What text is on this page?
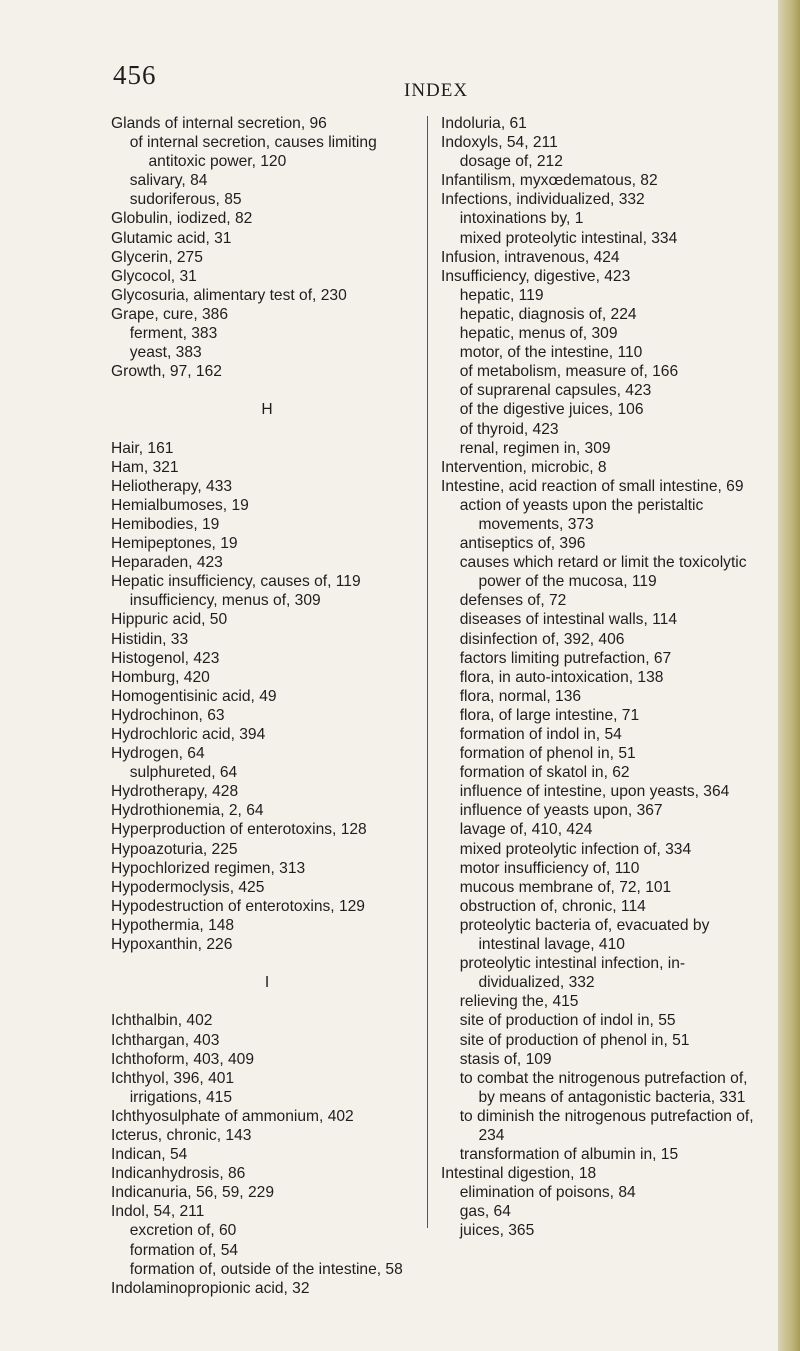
456
INDEX
Glands of internal secretion, 96
of internal secretion, causes limiting antitoxic power, 120
salivary, 84
sudoriferous, 85
Globulin, iodized, 82
Glutamic acid, 31
Glycerin, 275
Glycocol, 31
Glycosuria, alimentary test of, 230
Grape, cure, 386
ferment, 383
yeast, 383
Growth, 97, 162
H
Hair, 161
Ham, 321
Heliotherapy, 433
Hemialbumoses, 19
Hemibodies, 19
Hemipeptones, 19
Heparaden, 423
Hepatic insufficiency, causes of, 119
insufficiency, menus of, 309
Hippuric acid, 50
Histidin, 33
Histogenol, 423
Homburg, 420
Homogentisinic acid, 49
Hydrochinon, 63
Hydrochloric acid, 394
Hydrogen, 64
sulphureted, 64
Hydrotherapy, 428
Hydrothionemia, 2, 64
Hyperproduction of enterotoxins, 128
Hypoazoturia, 225
Hypochlorized regimen, 313
Hypodermoclysis, 425
Hypodestruction of enterotoxins, 129
Hypothermia, 148
Hypoxanthin, 226
I
Ichthalbin, 402
Ichthargan, 403
Ichthoform, 403, 409
Ichthyol, 396, 401
irrigations, 415
Ichthyosulphate of ammonium, 402
Icterus, chronic, 143
Indican, 54
Indicanhydrosis, 86
Indicanuria, 56, 59, 229
Indol, 54, 211
excretion of, 60
formation of, 54
formation of, outside of the intestine, 58
Indolaminopropionic acid, 32
Indoluria, 61
Indoxyls, 54, 211
dosage of, 212
Infantilism, myxœdematous, 82
Infections, individualized, 332
intoxinations by, 1
mixed proteolytic intestinal, 334
Infusion, intravenous, 424
Insufficiency, digestive, 423
hepatic, 119
hepatic, diagnosis of, 224
hepatic, menus of, 309
motor, of the intestine, 110
of metabolism, measure of, 166
of suprarenal capsules, 423
of the digestive juices, 106
of thyroid, 423
renal, regimen in, 309
Intervention, microbic, 8
Intestine, acid reaction of small intestine, 69
action of yeasts upon the peristaltic movements, 373
antiseptics of, 396
causes which retard or limit the toxicolytic power of the mucosa, 119
defenses of, 72
diseases of intestinal walls, 114
disinfection of, 392, 406
factors limiting putrefaction, 67
flora, in auto-intoxication, 138
flora, normal, 136
flora, of large intestine, 71
formation of indol in, 54
formation of phenol in, 51
formation of skatol in, 62
influence of intestine, upon yeasts, 364
influence of yeasts upon, 367
lavage of, 410, 424
mixed proteolytic infection of, 334
motor insufficiency of, 110
mucous membrane of, 72, 101
obstruction of, chronic, 114
proteolytic bacteria of, evacuated by intestinal lavage, 410
proteolytic intestinal infection, individualized, 332
relieving the, 415
site of production of indol in, 55
site of production of phenol in, 51
stasis of, 109
to combat the nitrogenous putrefaction of, by means of antagonistic bacteria, 331
to diminish the nitrogenous putrefaction of, 234
transformation of albumin in, 15
Intestinal digestion, 18
elimination of poisons, 84
gas, 64
juices, 365
